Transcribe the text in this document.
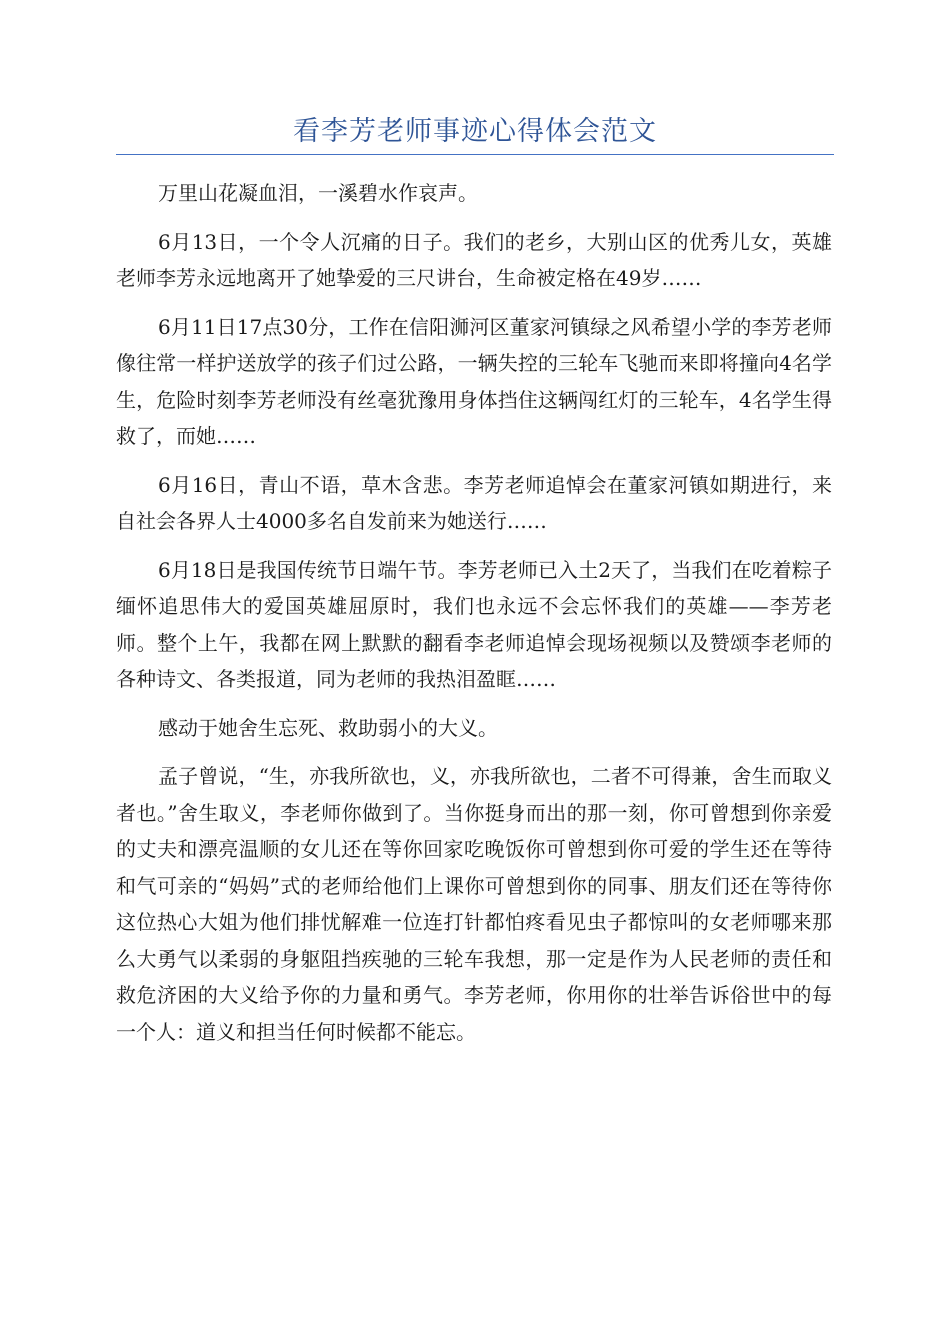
看李芳老师事迹心得体会范文

万里山花凝血泪，一溪碧水作哀声。

6月13日，一个令人沉痛的日子。我们的老乡，大别山区的优秀儿女，英雄老师李芳永远地离开了她挚爱的三尺讲台，生命被定格在49岁……

6月11日17点30分，工作在信阳浉河区董家河镇绿之风希望小学的李芳老师像往常一样护送放学的孩子们过公路，一辆失控的三轮车飞驰而来即将撞向4名学生，危险时刻李芳老师没有丝毫犹豫用身体挡住这辆闯红灯的三轮车，4名学生得救了，而她……

6月16日，青山不语，草木含悲。李芳老师追悼会在董家河镇如期进行，来自社会各界人士4000多名自发前来为她送行……

6月18日是我国传统节日端午节。李芳老师已入土2天了，当我们在吃着粽子缅怀追思伟大的爱国英雄屈原时，我们也永远不会忘怀我们的英雄——李芳老师。整个上午，我都在网上默默的翻看李老师追悼会现场视频以及赞颂李老师的各种诗文、各类报道，同为老师的我热泪盈眶……

感动于她舍生忘死、救助弱小的大义。

孟子曾说，“生，亦我所欲也，义，亦我所欲也，二者不可得兼，舍生而取义者也。”舍生取义，李老师你做到了。当你挺身而出的那一刻，你可曾想到你亲爱的丈夫和漂亮温顺的女儿还在等你回家吃晚饭你可曾想到你可爱的学生还在等待和气可亲的“妈妈”式的老师给他们上课你可曾想到你的同事、朋友们还在等待你这位热心大姐为他们排忧解难一位连打针都怕疼看见虫子都惊叫的女老师哪来那么大勇气以柔弱的身躯阻挡疾驰的三轮车我想，那一定是作为人民老师的责任和救危济困的大义给予你的力量和勇气。李芳老师，你用你的壮举告诉俗世中的每一个人：道义和担当任何时候都不能忘。
